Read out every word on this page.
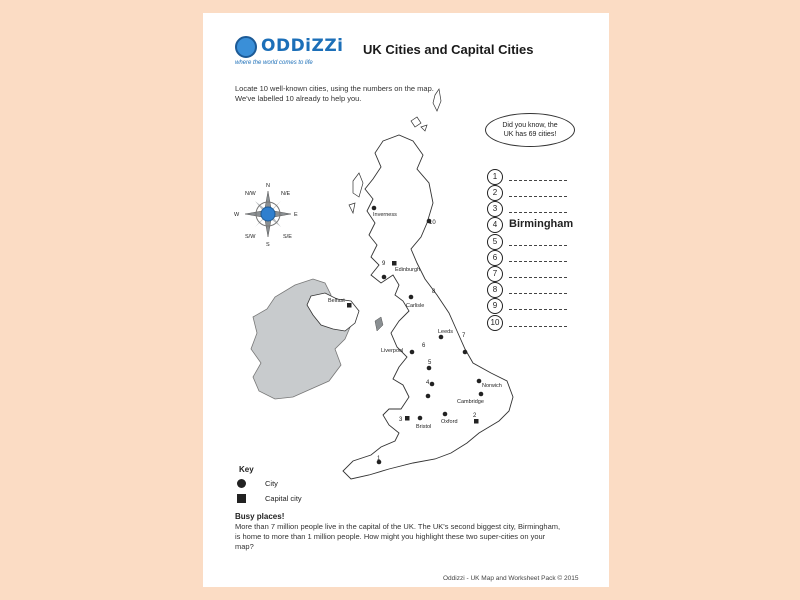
ODDiZZi
where the world comes to life
UK Cities and Capital Cities
Locate 10 well-known cities, using the numbers on the map. We've labelled 10 already to help you.
Inverness
Edinburgh
Carlisle
Belfast
Leeds
Liverpool
Norwich
Cambridge
Oxford
Bristol
1
2
3
4
5
6
7
8
9
10
N
E
S
W
N/E
N/W
S/E
S/W
Did you know, the
UK has 69 cities!
1
2
3
4	Birmingham
5
6
7
8
9
10
Key
City
Capital city
Busy places!
More than 7 million people live in the capital of the UK. The UK's second biggest city, Birmingham, is home to more than 1 million people. How might you highlight these two super-cities on your map?
Oddizzi - UK Map and Worksheet Pack © 2015
